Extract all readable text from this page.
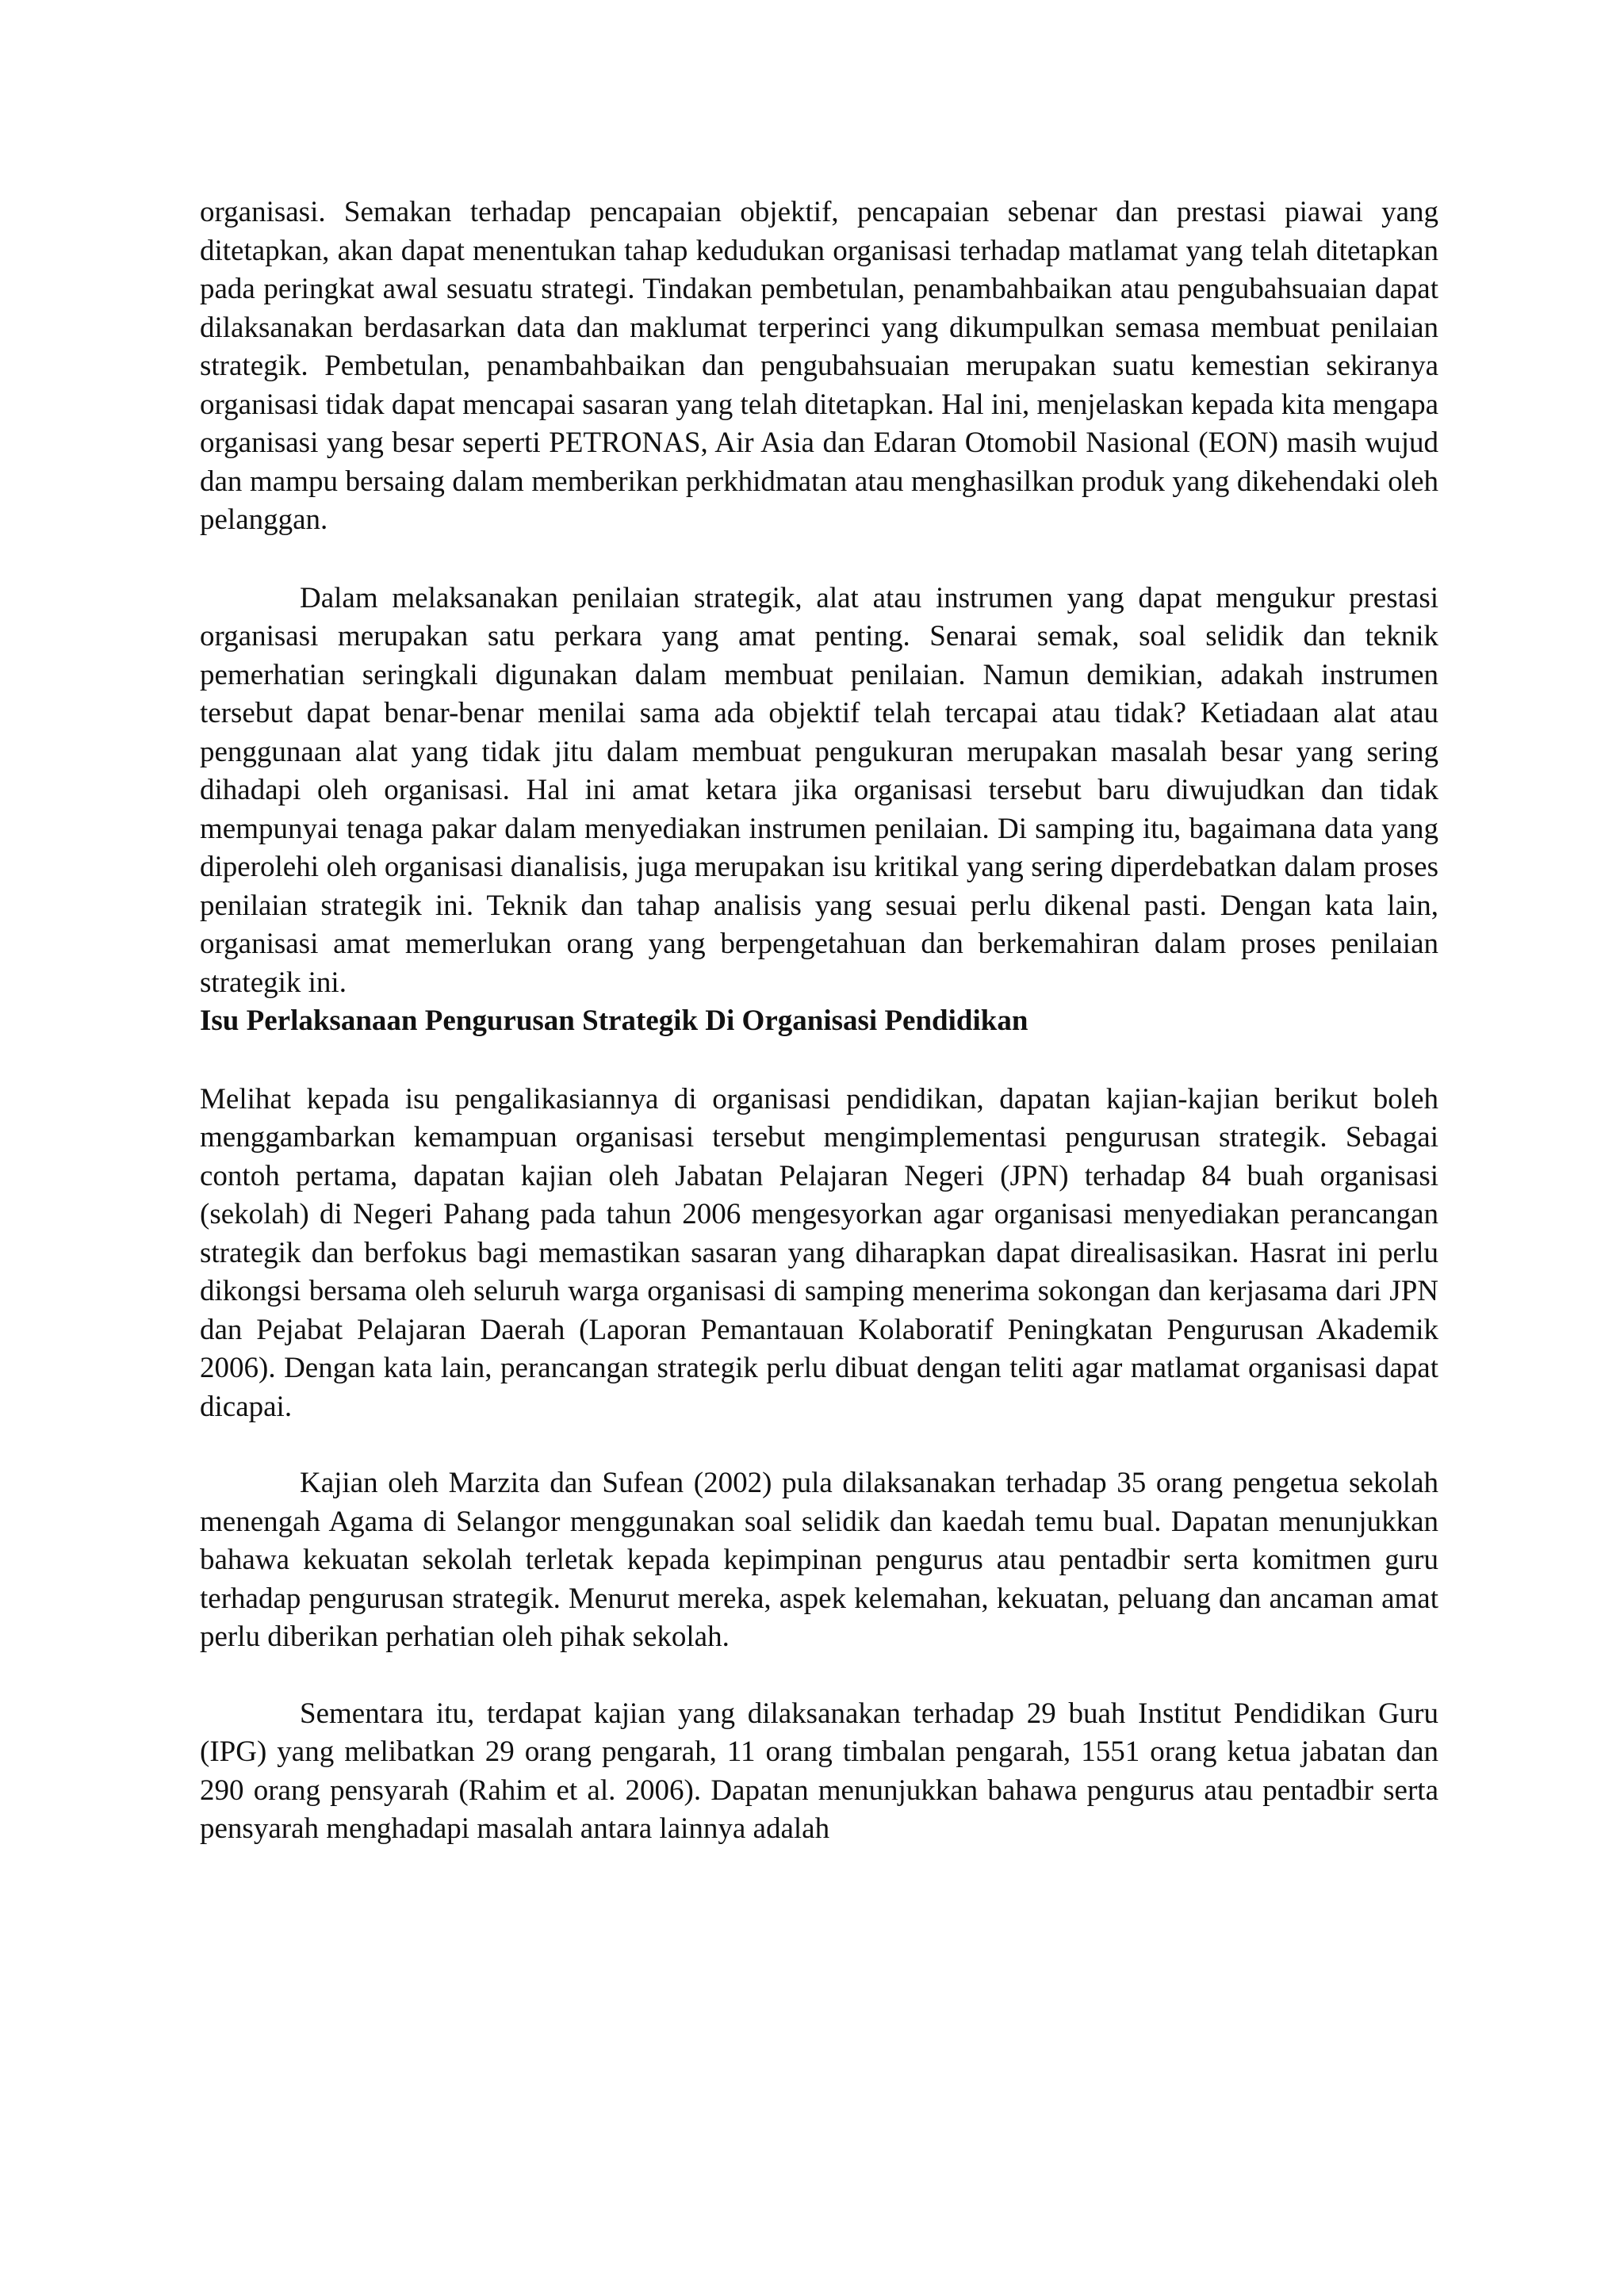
organisasi. Semakan terhadap pencapaian objektif, pencapaian sebenar dan prestasi piawai yang ditetapkan, akan dapat menentukan tahap kedudukan organisasi terhadap matlamat yang telah ditetapkan pada peringkat awal sesuatu strategi. Tindakan pembetulan, penambahbaikan atau pengubahsuaian dapat dilaksanakan berdasarkan data dan maklumat terperinci yang dikumpulkan semasa membuat penilaian strategik. Pembetulan, penambahbaikan dan pengubahsuaian merupakan suatu kemestian sekiranya organisasi tidak dapat mencapai sasaran yang telah ditetapkan. Hal ini, menjelaskan kepada kita mengapa organisasi yang besar seperti PETRONAS, Air Asia dan Edaran Otomobil Nasional (EON) masih wujud dan mampu bersaing dalam memberikan perkhidmatan atau menghasilkan produk yang dikehendaki oleh pelanggan.

Dalam melaksanakan penilaian strategik, alat atau instrumen yang dapat mengukur prestasi organisasi merupakan satu perkara yang amat penting. Senarai semak, soal selidik dan teknik pemerhatian seringkali digunakan dalam membuat penilaian. Namun demikian, adakah instrumen tersebut dapat benar-benar menilai sama ada objektif telah tercapai atau tidak? Ketiadaan alat atau penggunaan alat yang tidak jitu dalam membuat pengukuran merupakan masalah besar yang sering dihadapi oleh organisasi. Hal ini amat ketara jika organisasi tersebut baru diwujudkan dan tidak mempunyai tenaga pakar dalam menyediakan instrumen penilaian. Di samping itu, bagaimana data yang diperolehi oleh organisasi dianalisis, juga merupakan isu kritikal yang sering diperdebatkan dalam proses penilaian strategik ini. Teknik dan tahap analisis yang sesuai perlu dikenal pasti. Dengan kata lain, organisasi amat memerlukan orang yang berpengetahuan dan berkemahiran dalam proses penilaian strategik ini.

Isu Perlaksanaan Pengurusan Strategik Di Organisasi Pendidikan

Melihat kepada isu pengalikasiannya di organisasi pendidikan, dapatan kajian-kajian berikut boleh menggambarkan kemampuan organisasi tersebut mengimplementasi pengurusan strategik. Sebagai contoh pertama, dapatan kajian oleh Jabatan Pelajaran Negeri (JPN) terhadap 84 buah organisasi (sekolah) di Negeri Pahang pada tahun 2006 mengesyorkan agar organisasi menyediakan perancangan strategik dan berfokus bagi memastikan sasaran yang diharapkan dapat direalisasikan. Hasrat ini perlu dikongsi bersama oleh seluruh warga organisasi di samping menerima sokongan dan kerjasama dari JPN dan Pejabat Pelajaran Daerah (Laporan Pemantauan Kolaboratif Peningkatan Pengurusan Akademik 2006). Dengan kata lain, perancangan strategik perlu dibuat dengan teliti agar matlamat organisasi dapat dicapai.

Kajian oleh Marzita dan Sufean (2002) pula dilaksanakan terhadap 35 orang pengetua sekolah menengah Agama di Selangor menggunakan soal selidik dan kaedah temu bual. Dapatan menunjukkan bahawa kekuatan sekolah terletak kepada kepimpinan pengurus atau pentadbir serta komitmen guru terhadap pengurusan strategik. Menurut mereka, aspek kelemahan, kekuatan, peluang dan ancaman amat perlu diberikan perhatian oleh pihak sekolah.

Sementara itu, terdapat kajian yang dilaksanakan terhadap 29 buah Institut Pendidikan Guru (IPG) yang melibatkan 29 orang pengarah, 11 orang timbalan pengarah, 1551 orang ketua jabatan dan 290 orang pensyarah (Rahim et al. 2006). Dapatan menunjukkan bahawa pengurus atau pentadbir serta pensyarah menghadapi masalah antara lainnya adalah
